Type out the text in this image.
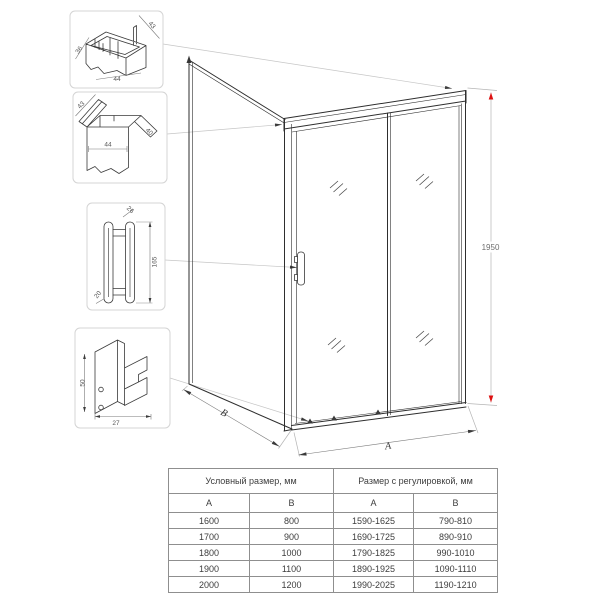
36
44
43
43
44
40
26
165
20
50
27
1950
A
B
Условный размер, мм		Размер с регулировкой, мм	
A	B	A	B
1600	800	1590-1625	790-810
1700	900	1690-1725	890-910
1800	1000	1790-1825	990-1010
1900	1100	1890-1925	1090-1110
2000	1200	1990-2025	1190-1210
